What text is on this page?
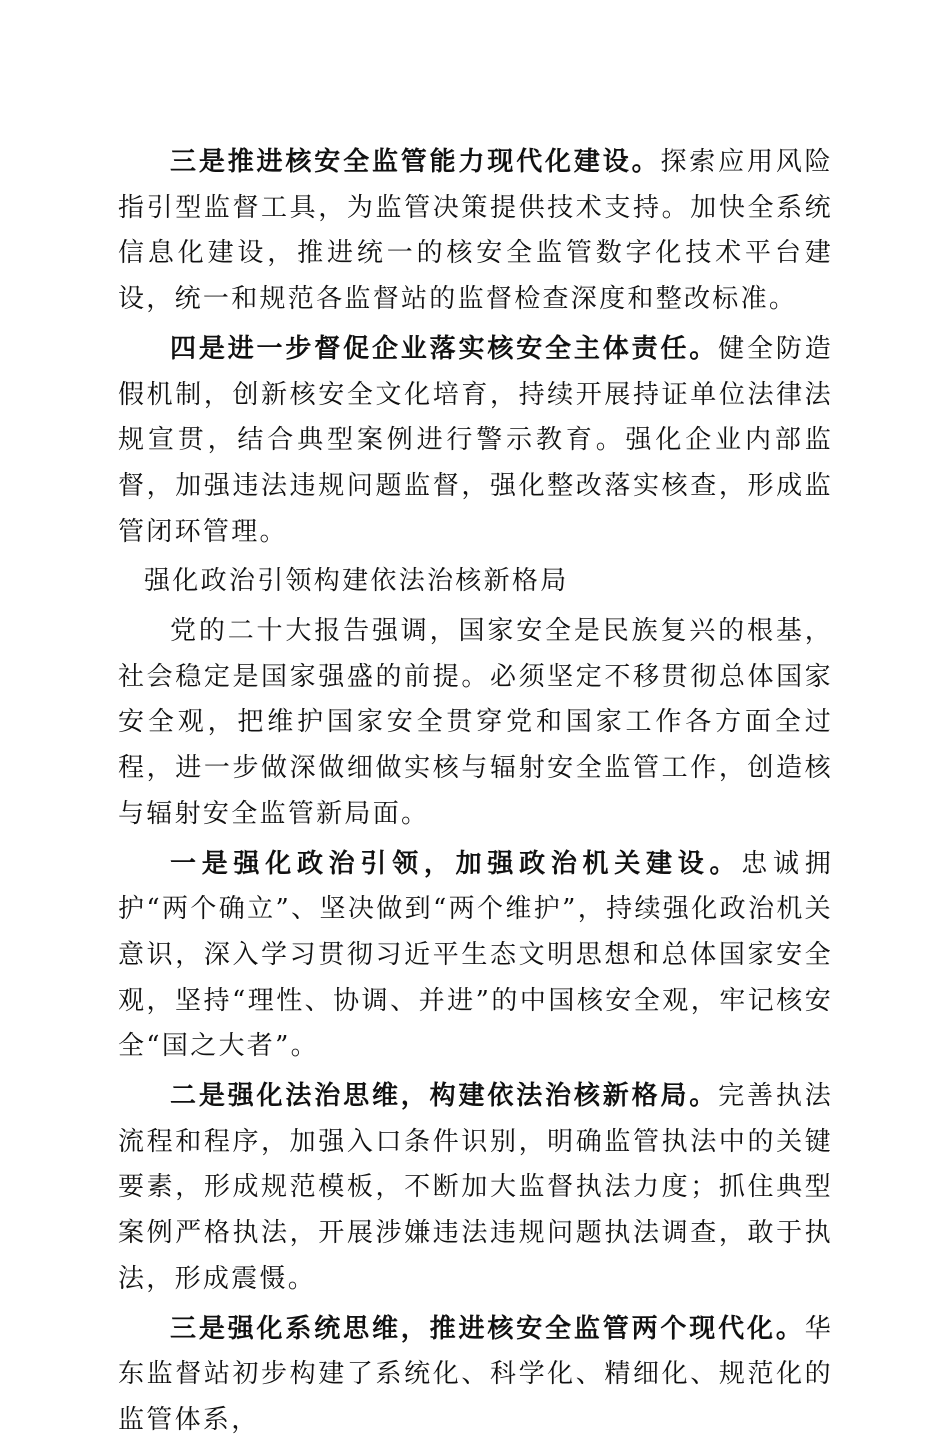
三是推进核安全监管能力现代化建设。探索应用风险指引型监督工具，为监管决策提供技术支持。加快全系统信息化建设，推进统一的核安全监管数字化技术平台建设，统一和规范各监督站的监督检查深度和整改标准。

四是进一步督促企业落实核安全主体责任。健全防造假机制，创新核安全文化培育，持续开展持证单位法律法规宣贯，结合典型案例进行警示教育。强化企业内部监督，加强违法违规问题监督，强化整改落实核查，形成监管闭环管理。

强化政治引领构建依法治核新格局

党的二十大报告强调，国家安全是民族复兴的根基，社会稳定是国家强盛的前提。必须坚定不移贯彻总体国家安全观，把维护国家安全贯穿党和国家工作各方面全过程，进一步做深做细做实核与辐射安全监管工作，创造核与辐射安全监管新局面。

一是强化政治引领，加强政治机关建设。忠诚拥护“两个确立”、坚决做到“两个维护”，持续强化政治机关意识，深入学习贯彻习近平生态文明思想和总体国家安全观，坚持“理性、协调、并进”的中国核安全观，牢记核安全“国之大者”。

二是强化法治思维，构建依法治核新格局。完善执法流程和程序，加强入口条件识别，明确监管执法中的关键要素，形成规范模板，不断加大监督执法力度；抓住典型案例严格执法，开展涉嫌违法违规问题执法调查，敢于执法，形成震慑。

三是强化系统思维，推进核安全监管两个现代化。华东监督站初步构建了系统化、科学化、精细化、规范化的监管体系，
